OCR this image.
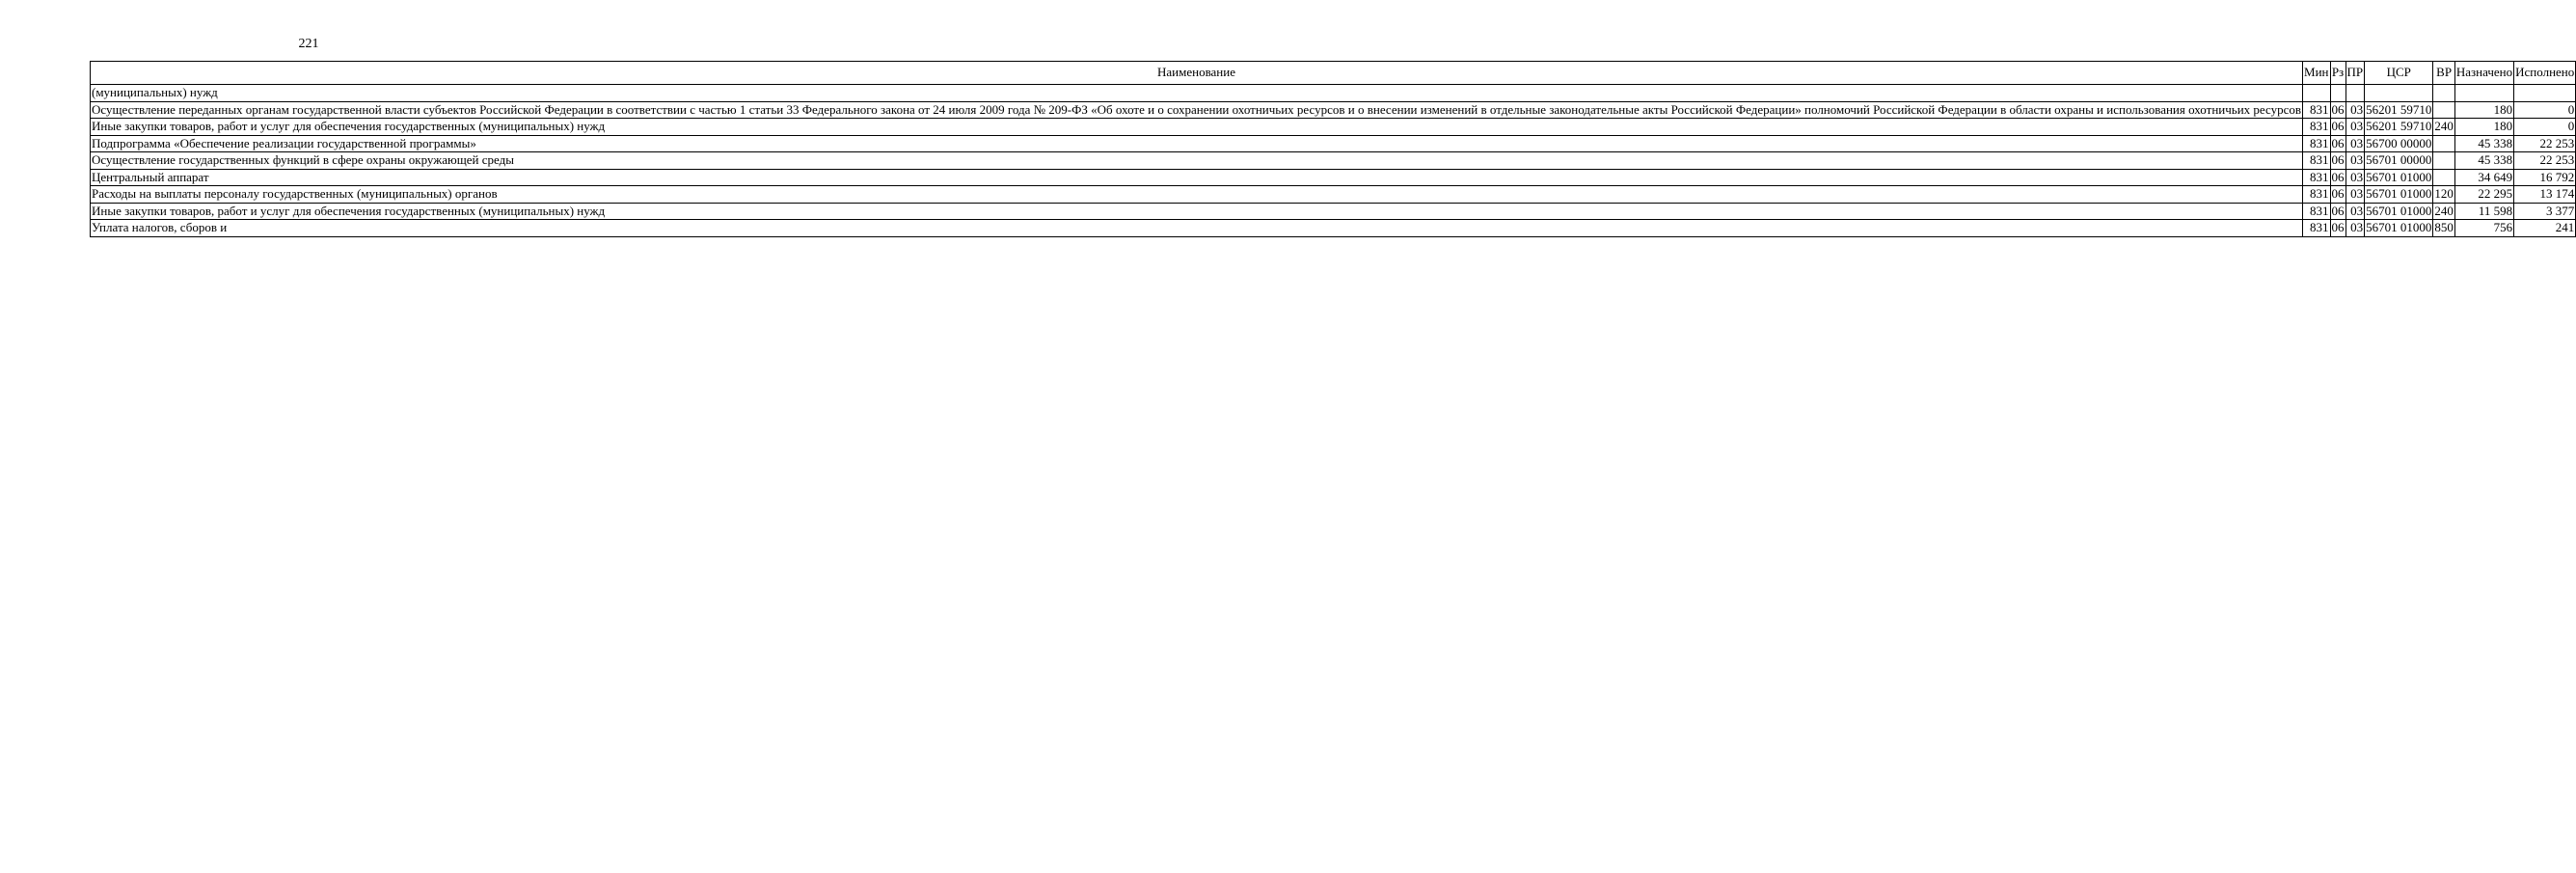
221
Наименование	Мин	Рз	ПР	ЦСР	ВР	Назначено	Исполнено
(муниципальных) нужд							
Осуществление переданных органам государственной власти субъектов Российской Федерации в соответствии с частью 1 статьи 33 Федерального закона от 24 июля 2009 года № 209-ФЗ «Об охоте и о сохранении охотничьих ресурсов и о внесении изменений в отдельные законодательные акты Российской Федерации» полномочий Российской Федерации в области охраны и использования охотничьих ресурсов	831	06	03	56201 59710		180	0
Иные закупки товаров, работ и услуг для обеспечения государственных (муниципальных) нужд	831	06	03	56201 59710	240	180	0
Подпрограмма «Обеспечение реализации государственной программы»	831	06	03	56700 00000		45 338	22 253
Осуществление государственных функций в сфере охраны окружающей среды	831	06	03	56701 00000		45 338	22 253
Центральный аппарат	831	06	03	56701 01000		34 649	16 792
Расходы на выплаты персоналу государственных (муниципальных) органов	831	06	03	56701 01000	120	22 295	13 174
Иные закупки товаров, работ и услуг для обеспечения государственных (муниципальных) нужд	831	06	03	56701 01000	240	11 598	3 377
Уплата налогов, сборов и	831	06	03	56701 01000	850	756	241
